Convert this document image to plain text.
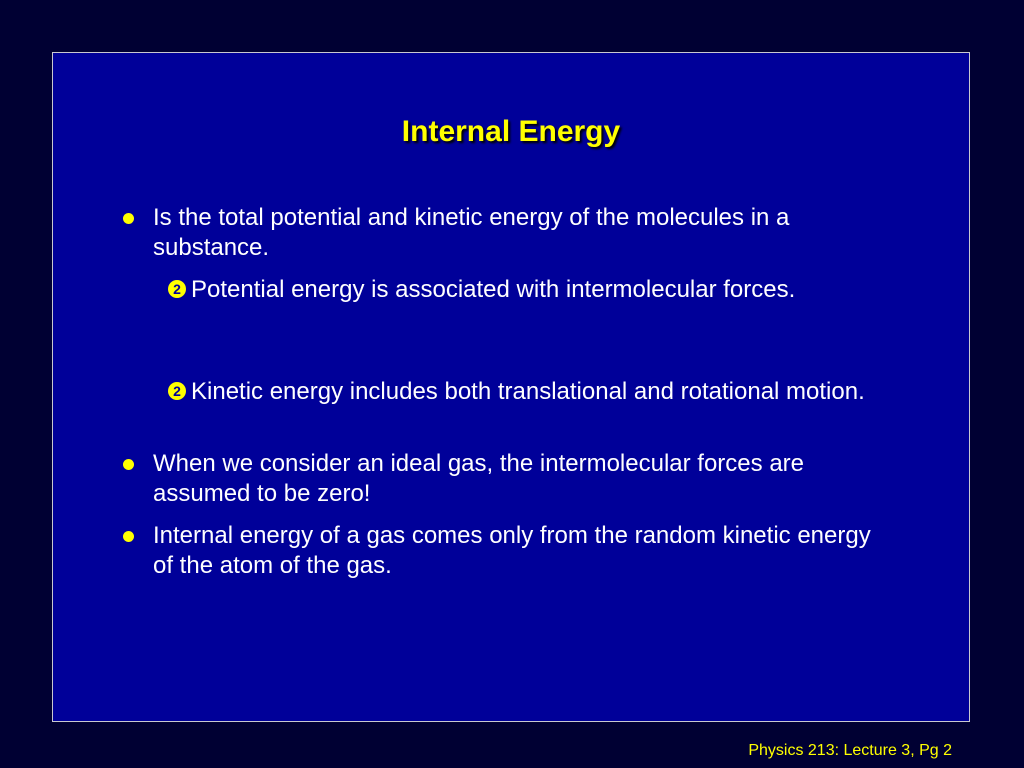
Internal Energy
Is the total potential and kinetic energy of the molecules in a substance.
2 Potential energy is associated with intermolecular forces.
2 Kinetic energy includes both translational and rotational motion.
When we consider an ideal gas, the intermolecular forces are assumed to be zero!
Internal energy of a gas comes only from the random kinetic energy of the atom of the gas.
Physics 213: Lecture 3, Pg 2
